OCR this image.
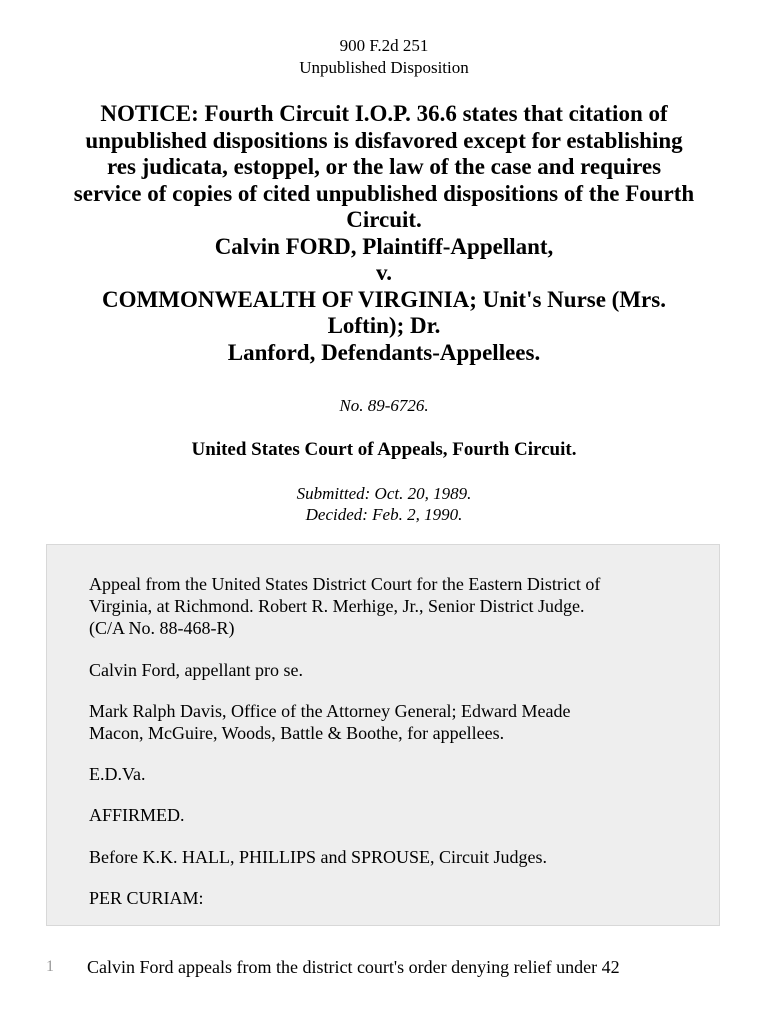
900 F.2d 251
Unpublished Disposition
NOTICE: Fourth Circuit I.O.P. 36.6 states that citation of
unpublished dispositions is disfavored except for establishing
res judicata, estoppel, or the law of the case and requires
service of copies of cited unpublished dispositions of the Fourth
Circuit.
Calvin FORD, Plaintiff-Appellant,
v.
COMMONWEALTH OF VIRGINIA; Unit's Nurse (Mrs.
Loftin); Dr.
Lanford, Defendants-Appellees.
No. 89-6726.
United States Court of Appeals, Fourth Circuit.
Submitted: Oct. 20, 1989.
Decided: Feb. 2, 1990.

Appeal from the United States District Court for the Eastern District of
Virginia, at Richmond. Robert R. Merhige, Jr., Senior District Judge.
(C/A No. 88-468-R)

Calvin Ford, appellant pro se.

Mark Ralph Davis, Office of the Attorney General; Edward Meade
Macon, McGuire, Woods, Battle & Boothe, for appellees.

E.D.Va.

AFFIRMED.

Before K.K. HALL, PHILLIPS and SPROUSE, Circuit Judges.

PER CURIAM:

1 Calvin Ford appeals from the district court's order denying relief under 42
